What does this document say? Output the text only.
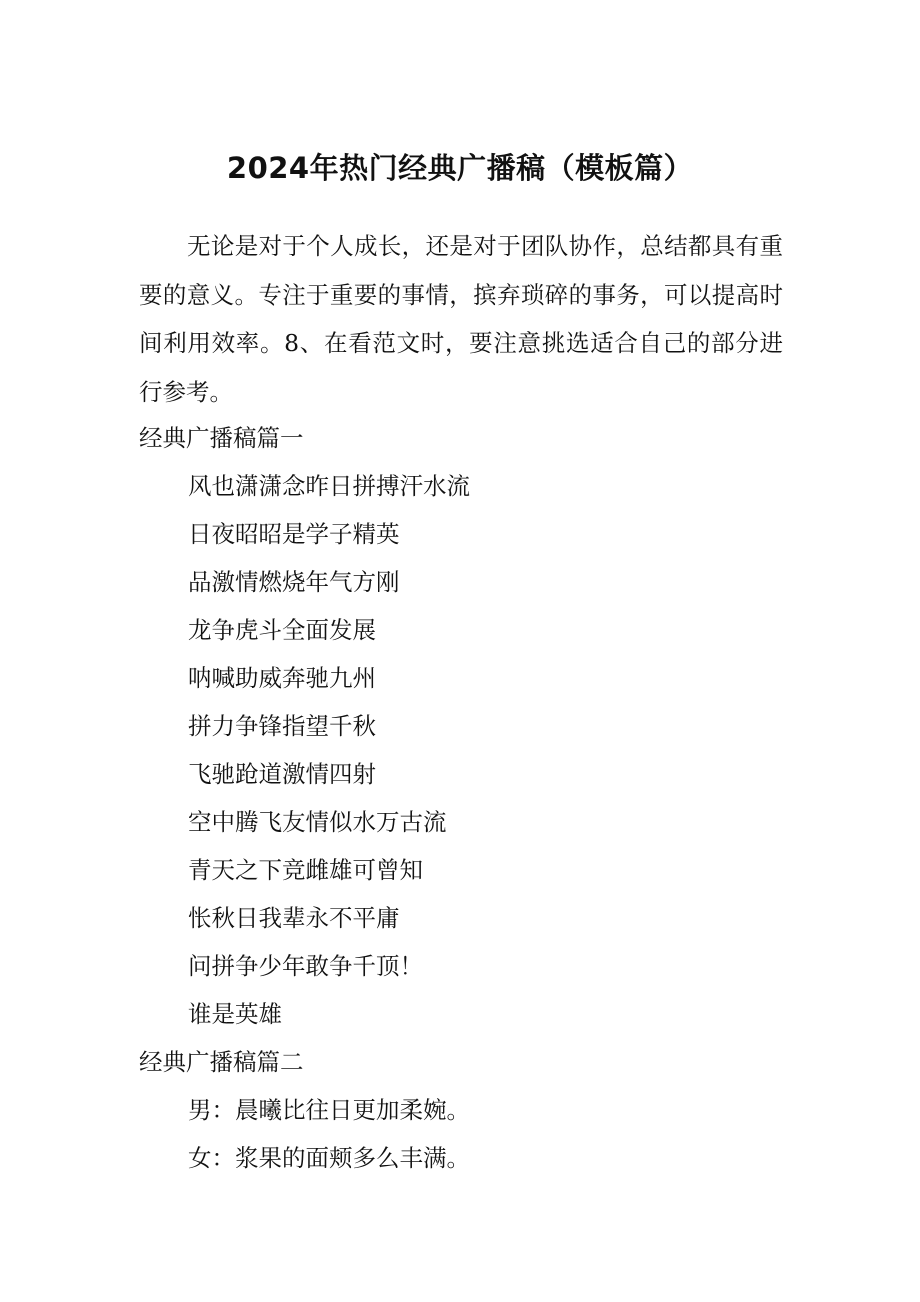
2024年热门经典广播稿（模板篇）

无论是对于个人成长，还是对于团队协作，总结都具有重要的意义。专注于重要的事情，摈弃琐碎的事务，可以提高时间利用效率。8、在看范文时，要注意挑选适合自己的部分进行参考。

经典广播稿篇一

风也潇潇念昨日拼搏汗水流

日夜昭昭是学子精英

品激情燃烧年气方刚

龙争虎斗全面发展

呐喊助威奔驰九州

拼力争锋指望千秋

飞驰跄道激情四射

空中腾飞友情似水万古流

青天之下竞雌雄可曾知

怅秋日我辈永不平庸

问拼争少年敢争千顶！

谁是英雄

经典广播稿篇二

男：晨曦比往日更加柔婉。

女：浆果的面颊多么丰满。
